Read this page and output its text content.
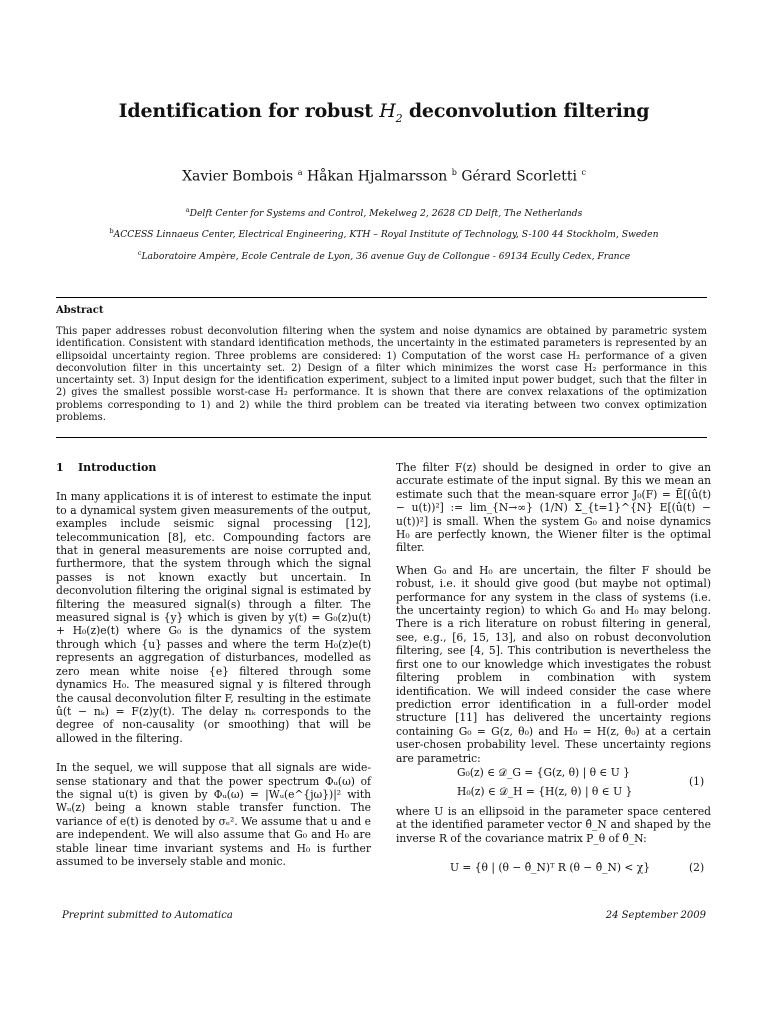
Identification for robust $H_2$ deconvolution filtering
Xavier Bombois $^a$ Håkan Hjalmarsson $^b$ Gérard Scorletti $^c$
$^a$Delft Center for Systems and Control, Mekelweg 2, 2628 CD Delft, The Netherlands
$^b$ACCESS Linnaeus Center, Electrical Engineering, KTH – Royal Institute of Technology, S-100 44 Stockholm, Sweden
$^c$Laboratoire Ampère, Ecole Centrale de Lyon, 36 avenue Guy de Collongue - 69134 Ecully Cedex, France
Abstract
This paper addresses robust deconvolution filtering when the system and noise dynamics are obtained by parametric system identification. Consistent with standard identification methods, the uncertainty in the estimated parameters is represented by an ellipsoidal uncertainty region. Three problems are considered: 1) Computation of the worst case H₂ performance of a given deconvolution filter in this uncertainty set. 2) Design of a filter which minimizes the worst case H₂ performance in this uncertainty set. 3) Input design for the identification experiment, subject to a limited input power budget, such that the filter in 2) gives the smallest possible worst-case H₂ performance. It is shown that there are convex relaxations of the optimization problems corresponding to 1) and 2) while the third problem can be treated via iterating between two convex optimization problems.
1 Introduction

In many applications it is of interest to estimate the input to a dynamical system given measurements of the output, examples include seismic signal processing [12], telecommunication [8], etc. Compounding factors are that in general measurements are noise corrupted and, furthermore, that the system through which the signal passes is not known exactly but uncertain. In deconvolution filtering the original signal is estimated by filtering the measured signal(s) through a filter. The measured signal is {y} which is given by y(t) = G₀(z)u(t) + H₀(z)e(t) where G₀ is the dynamics of the system through which {u} passes and where the term H₀(z)e(t) represents an aggregation of disturbances, modelled as zero mean white noise {e} filtered through some dynamics H₀. The measured signal y is filtered through the causal deconvolution filter F, resulting in the estimate û(t − nₖ) = F(z)y(t). The delay nₖ corresponds to the degree of non-causality (or smoothing) that will be allowed in the filtering.

In the sequel, we will suppose that all signals are wide-sense stationary and that the power spectrum Φᵤ(ω) of the signal u(t) is given by Φᵤ(ω) = |Wᵤ(e^{jω})|² with Wᵤ(z) being a known stable transfer function. The variance of e(t) is denoted by σₑ². We assume that u and e are independent. We will also assume that G₀ and H₀ are stable linear time invariant systems and H₀ is further assumed to be inversely stable and monic.

The filter F(z) should be designed in order to give an accurate estimate of the input signal. By this we mean an estimate such that the mean-square error J₀(F) = Ē[(û(t) − u(t))²] := lim_{N→∞} (1/N) Σ_{t=1}^{N} E[(û(t) − u(t))²] is small. When the system G₀ and noise dynamics H₀ are perfectly known, the Wiener filter is the optimal filter.

When G₀ and H₀ are uncertain, the filter F should be robust, i.e. it should give good (but maybe not optimal) performance for any system in the class of systems (i.e. the uncertainty region) to which G₀ and H₀ may belong. There is a rich literature on robust filtering in general, see, e.g., [6, 15, 13], and also on robust deconvolution filtering, see [4, 5]. This contribution is nevertheless the first one to our knowledge which investigates the robust filtering problem in combination with system identification. We will indeed consider the case where prediction error identification in a full-order model structure [11] has delivered the uncertainty regions containing G₀ = G(z, θ₀) and H₀ = H(z, θ₀) at a certain user-chosen probability level. These uncertainty regions are parametric:

G₀(z) ∈ 𝒟_G = {G(z, θ) | θ ∈ U }
H₀(z) ∈ 𝒟_H = {H(z, θ) | θ ∈ U }
(1)

where U is an ellipsoid in the parameter space centered at the identified parameter vector θ̂_N and shaped by the inverse R of the covariance matrix P_θ of θ̂_N:

U = {θ | (θ − θ̂_N)ᵀ R (θ − θ̂_N) < χ}	(2)
Preprint submitted to Automatica	24 September 2009
